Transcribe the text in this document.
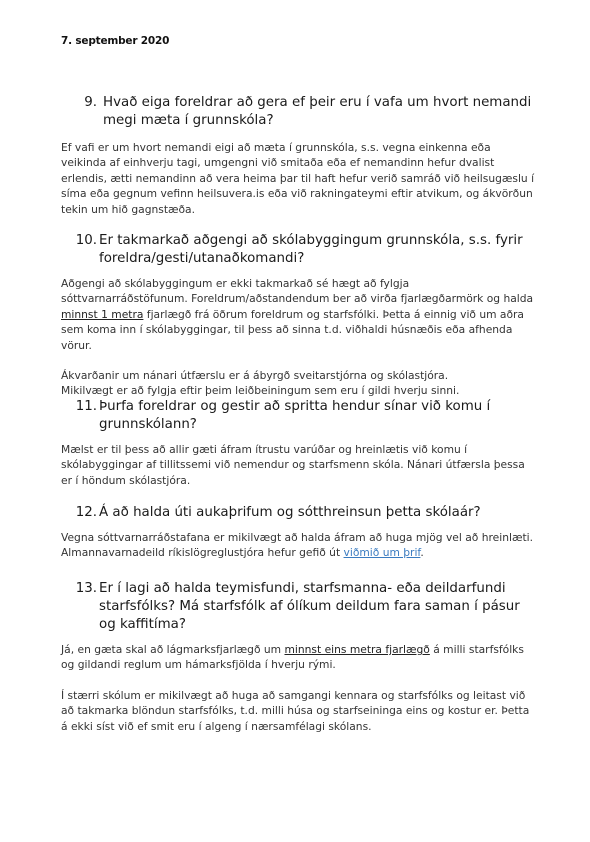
7. september 2020
9. Hvað eiga foreldrar að gera ef þeir eru í vafa um hvort nemandi megi mæta í grunnskóla?

Ef vafi er um hvort nemandi eigi að mæta í grunnskóla, s.s. vegna einkenna eða veikinda af einhverju tagi, umgengni við smitaða eða ef nemandinn hefur dvalist erlendis, ætti nemandinn að vera heima þar til haft hefur verið samráð við heilsugæslu í síma eða gegnum vefinn heilsuvera.is eða við rakningateymi eftir atvikum, og ákvörðun tekin um hið gagnstæða.

10. Er takmarkað aðgengi að skólabyggingum grunnskóla, s.s. fyrir foreldra/gesti/utanaðkomandi?

Aðgengi að skólabyggingum er ekki takmarkað sé hægt að fylgja sóttvarnarráðstöfunum. Foreldrum/aðstandendum ber að virða fjarlægðarmörk og halda minnst 1 metra fjarlægð frá öðrum foreldrum og starfsfólki. Þetta á einnig við um aðra sem koma inn í skólabyggingar, til þess að sinna t.d. viðhaldi húsnæðis eða afhenda vörur.

Ákvarðanir um nánari útfærslu er á ábyrgð sveitarstjórna og skólastjóra.

Mikilvægt er að fylgja eftir þeim leiðbeiningum sem eru í gildi hverju sinni.

11. Þurfa foreldrar og gestir að spritta hendur sínar við komu í grunnskólann?

Mælst er til þess að allir gæti áfram ítrustu varúðar og hreinlætis við komu í skólabyggingar af tillitssemi við nemendur og starfsmenn skóla. Nánari útfærsla þessa er í höndum skólastjóra.

12. Á að halda úti aukaþrifum og sótthreinsun þetta skólaár?

Vegna sóttvarnarráðstafana er mikilvægt að halda áfram að huga mjög vel að hreinlæti. Almannavarnadeild ríkislögreglustjóra hefur gefið út viðmið um þrif.

13. Er í lagi að halda teymisfundi, starfsmanna- eða deildarfundi starfsfólks? Má starfsfólk af ólíkum deildum fara saman í pásur og kaffitíma?

Já, en gæta skal að lágmarksfjarlægð um minnst eins metra fjarlægð á milli starfsfólks og gildandi reglum um hámarksfjölda í hverju rými.

Í stærri skólum er mikilvægt að huga að samgangi kennara og starfsfólks og leitast við að takmarka blöndun starfsfólks, t.d. milli húsa og starfseininga eins og kostur er. Þetta á ekki síst við ef smit eru í algeng í nærsamfélagi skólans.
